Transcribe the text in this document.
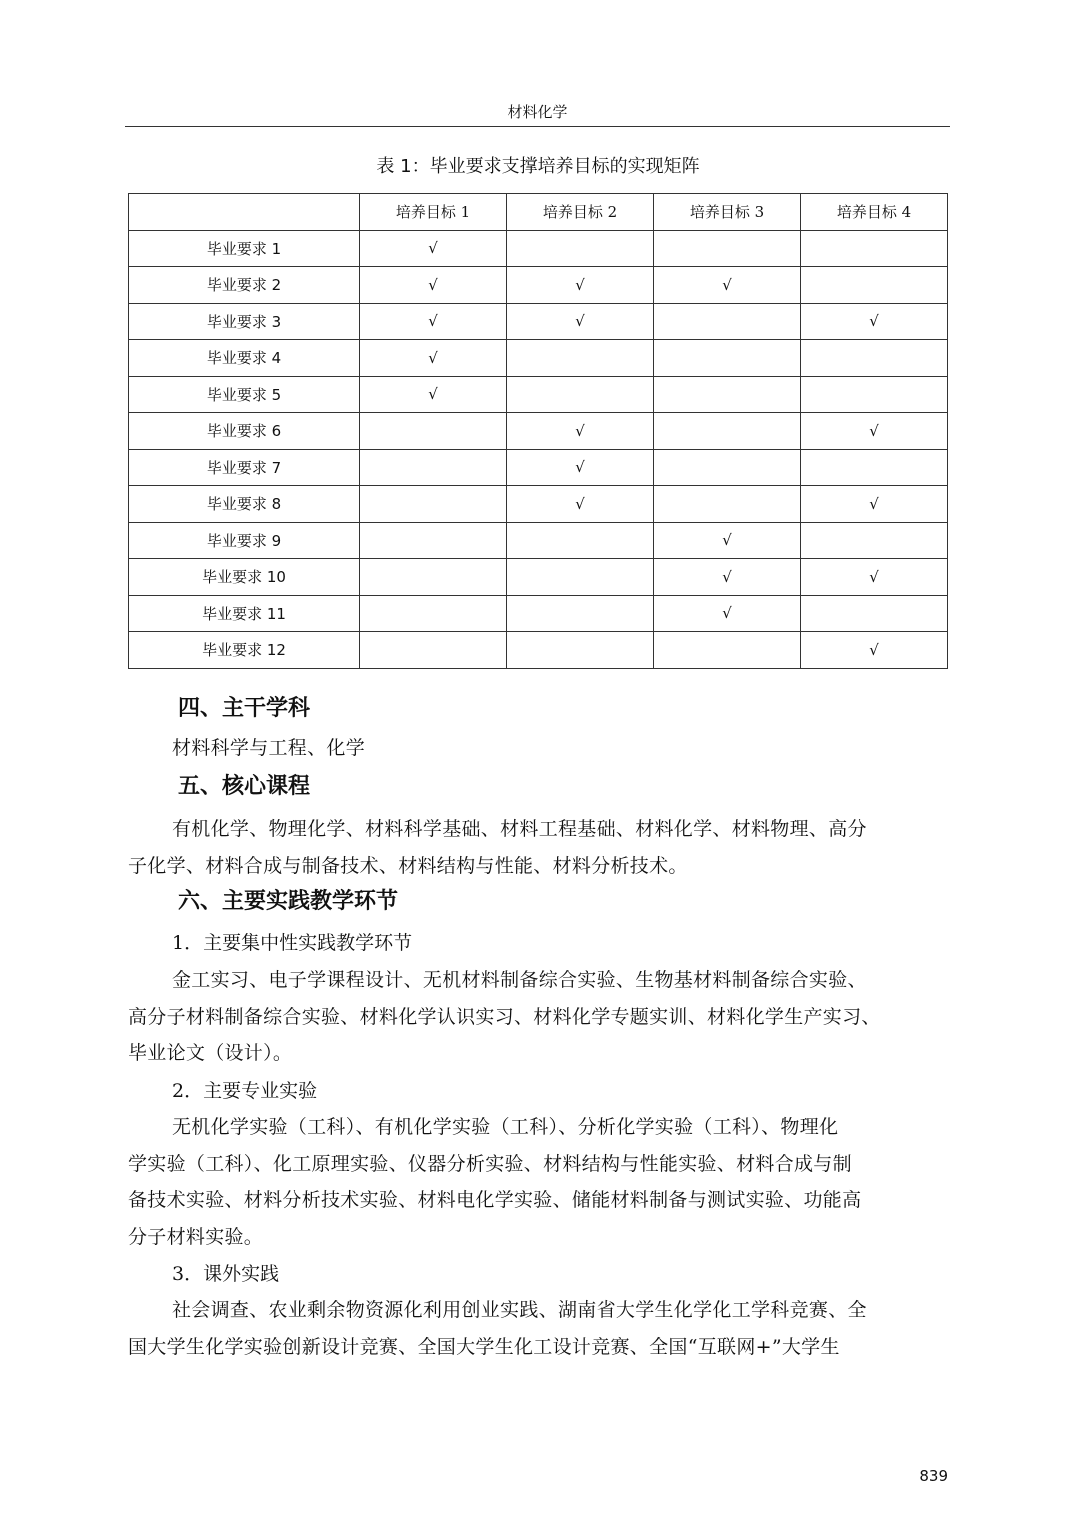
材料化学
表 1：毕业要求支撑培养目标的实现矩阵
	培养目标 1	培养目标 2	培养目标 3	培养目标 4
毕业要求 1	√			
毕业要求 2	√	√	√	
毕业要求 3	√	√		√
毕业要求 4	√			
毕业要求 5	√			
毕业要求 6		√		√
毕业要求 7		√		
毕业要求 8		√		√
毕业要求 9			√	
毕业要求 10			√	√
毕业要求 11			√	
毕业要求 12				√
四、主干学科
材料科学与工程、化学
五、核心课程
有机化学、物理化学、材料科学基础、材料工程基础、材料化学、材料物理、高分
子化学、材料合成与制备技术、材料结构与性能、材料分析技术。
六、主要实践教学环节
1．主要集中性实践教学环节
金工实习、电子学课程设计、无机材料制备综合实验、生物基材料制备综合实验、
高分子材料制备综合实验、材料化学认识实习、材料化学专题实训、材料化学生产实习、
毕业论文（设计）。
2．主要专业实验
无机化学实验（工科）、有机化学实验（工科）、分析化学实验（工科）、物理化
学实验（工科）、化工原理实验、仪器分析实验、材料结构与性能实验、材料合成与制
备技术实验、材料分析技术实验、材料电化学实验、储能材料制备与测试实验、功能高
分子材料实验。
3．课外实践
社会调查、农业剩余物资源化利用创业实践、湖南省大学生化学化工学科竞赛、全
国大学生化学实验创新设计竞赛、全国大学生化工设计竞赛、全国“互联网+”大学生
839
